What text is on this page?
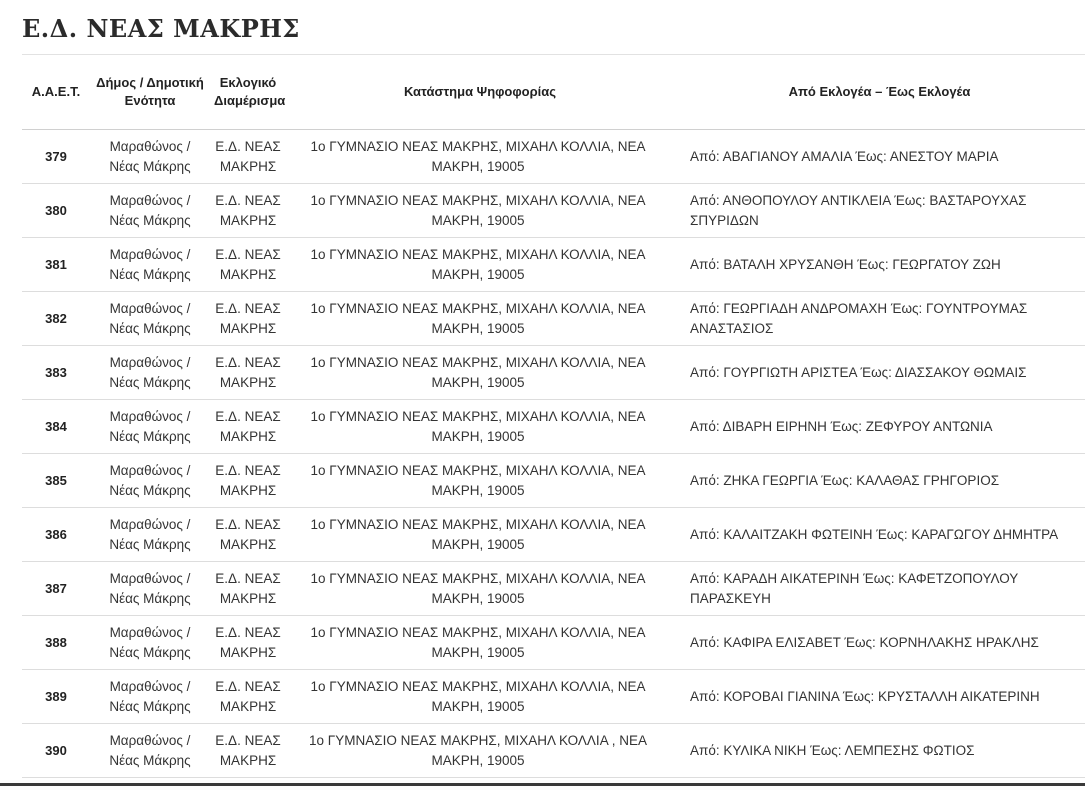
Ε.Δ. ΝΕΑΣ ΜΑΚΡΗΣ
Α.Α.Ε.Τ.	Δήμος / Δημοτική Ενότητα	Εκλογικό Διαμέρισμα	Κατάστημα Ψηφοφορίας	Από Εκλογέα – Έως Εκλογέα
379	Μαραθώνος / Νέας Μάκρης	Ε.Δ. ΝΕΑΣ ΜΑΚΡΗΣ	1ο ΓΥΜΝΑΣΙΟ ΝΕΑΣ ΜΑΚΡΗΣ, ΜΙΧΑΗΛ ΚΟΛΛΙΑ, ΝΕΑ ΜΑΚΡΗ, 19005	Από: ΑΒΑΓΙΑΝΟΥ ΑΜΑΛΙΑ Έως: ΑΝΕΣΤΟΥ ΜΑΡΙΑ
380	Μαραθώνος / Νέας Μάκρης	Ε.Δ. ΝΕΑΣ ΜΑΚΡΗΣ	1ο ΓΥΜΝΑΣΙΟ ΝΕΑΣ ΜΑΚΡΗΣ, ΜΙΧΑΗΛ ΚΟΛΛΙΑ, ΝΕΑ ΜΑΚΡΗ, 19005	Από: ΑΝΘΟΠΟΥΛΟΥ ΑΝΤΙΚΛΕΙΑ Έως: ΒΑΣΤΑΡΟΥΧΑΣ ΣΠΥΡΙΔΩΝ
381	Μαραθώνος / Νέας Μάκρης	Ε.Δ. ΝΕΑΣ ΜΑΚΡΗΣ	1ο ΓΥΜΝΑΣΙΟ ΝΕΑΣ ΜΑΚΡΗΣ, ΜΙΧΑΗΛ ΚΟΛΛΙΑ, ΝΕΑ ΜΑΚΡΗ, 19005	Από: ΒΑΤΑΛΗ ΧΡΥΣΑΝΘΗ Έως: ΓΕΩΡΓΑΤΟΥ ΖΩΗ
382	Μαραθώνος / Νέας Μάκρης	Ε.Δ. ΝΕΑΣ ΜΑΚΡΗΣ	1ο ΓΥΜΝΑΣΙΟ ΝΕΑΣ ΜΑΚΡΗΣ, ΜΙΧΑΗΛ ΚΟΛΛΙΑ, ΝΕΑ ΜΑΚΡΗ, 19005	Από: ΓΕΩΡΓΙΑΔΗ ΑΝΔΡΟΜΑΧΗ Έως: ΓΟΥΝΤΡΟΥΜΑΣ ΑΝΑΣΤΑΣΙΟΣ
383	Μαραθώνος / Νέας Μάκρης	Ε.Δ. ΝΕΑΣ ΜΑΚΡΗΣ	1ο ΓΥΜΝΑΣΙΟ ΝΕΑΣ ΜΑΚΡΗΣ, ΜΙΧΑΗΛ ΚΟΛΛΙΑ, ΝΕΑ ΜΑΚΡΗ, 19005	Από: ΓΟΥΡΓΙΩΤΗ ΑΡΙΣΤΕΑ Έως: ΔΙΑΣΣΑΚΟΥ ΘΩΜΑΙΣ
384	Μαραθώνος / Νέας Μάκρης	Ε.Δ. ΝΕΑΣ ΜΑΚΡΗΣ	1ο ΓΥΜΝΑΣΙΟ ΝΕΑΣ ΜΑΚΡΗΣ, ΜΙΧΑΗΛ ΚΟΛΛΙΑ, ΝΕΑ ΜΑΚΡΗ, 19005	Από: ΔΙΒΑΡΗ ΕΙΡΗΝΗ Έως: ΖΕΦΥΡΟΥ ΑΝΤΩΝΙΑ
385	Μαραθώνος / Νέας Μάκρης	Ε.Δ. ΝΕΑΣ ΜΑΚΡΗΣ	1ο ΓΥΜΝΑΣΙΟ ΝΕΑΣ ΜΑΚΡΗΣ, ΜΙΧΑΗΛ ΚΟΛΛΙΑ, ΝΕΑ ΜΑΚΡΗ, 19005	Από: ΖΗΚΑ ΓΕΩΡΓΙΑ Έως: ΚΑΛΑΘΑΣ ΓΡΗΓΟΡΙΟΣ
386	Μαραθώνος / Νέας Μάκρης	Ε.Δ. ΝΕΑΣ ΜΑΚΡΗΣ	1ο ΓΥΜΝΑΣΙΟ ΝΕΑΣ ΜΑΚΡΗΣ, ΜΙΧΑΗΛ ΚΟΛΛΙΑ, ΝΕΑ ΜΑΚΡΗ, 19005	Από: ΚΑΛΑΙΤΖΑΚΗ ΦΩΤΕΙΝΗ Έως: ΚΑΡΑΓΩΓΟΥ ΔΗΜΗΤΡΑ
387	Μαραθώνος / Νέας Μάκρης	Ε.Δ. ΝΕΑΣ ΜΑΚΡΗΣ	1ο ΓΥΜΝΑΣΙΟ ΝΕΑΣ ΜΑΚΡΗΣ, ΜΙΧΑΗΛ ΚΟΛΛΙΑ, ΝΕΑ ΜΑΚΡΗ, 19005	Από: ΚΑΡΑΔΗ ΑΙΚΑΤΕΡΙΝΗ Έως: ΚΑΦΕΤΖΟΠΟΥΛΟΥ ΠΑΡΑΣΚΕΥΗ
388	Μαραθώνος / Νέας Μάκρης	Ε.Δ. ΝΕΑΣ ΜΑΚΡΗΣ	1ο ΓΥΜΝΑΣΙΟ ΝΕΑΣ ΜΑΚΡΗΣ, ΜΙΧΑΗΛ ΚΟΛΛΙΑ, ΝΕΑ ΜΑΚΡΗ, 19005	Από: ΚΑΦΙΡΑ ΕΛΙΣΑΒΕΤ Έως: ΚΟΡΝΗΛΑΚΗΣ ΗΡΑΚΛΗΣ
389	Μαραθώνος / Νέας Μάκρης	Ε.Δ. ΝΕΑΣ ΜΑΚΡΗΣ	1ο ΓΥΜΝΑΣΙΟ ΝΕΑΣ ΜΑΚΡΗΣ, ΜΙΧΑΗΛ ΚΟΛΛΙΑ, ΝΕΑ ΜΑΚΡΗ, 19005	Από: ΚΟΡΟΒΑΙ ΓΙΑΝΙΝΑ Έως: ΚΡΥΣΤΑΛΛΗ ΑΙΚΑΤΕΡΙΝΗ
390	Μαραθώνος / Νέας Μάκρης	Ε.Δ. ΝΕΑΣ ΜΑΚΡΗΣ	1ο ΓΥΜΝΑΣΙΟ ΝΕΑΣ ΜΑΚΡΗΣ, ΜΙΧΑΗΛ ΚΟΛΛΙΑ , ΝΕΑ ΜΑΚΡΗ, 19005	Από: ΚΥΛΙΚΑ ΝΙΚΗ Έως: ΛΕΜΠΕΣΗΣ ΦΩΤΙΟΣ
